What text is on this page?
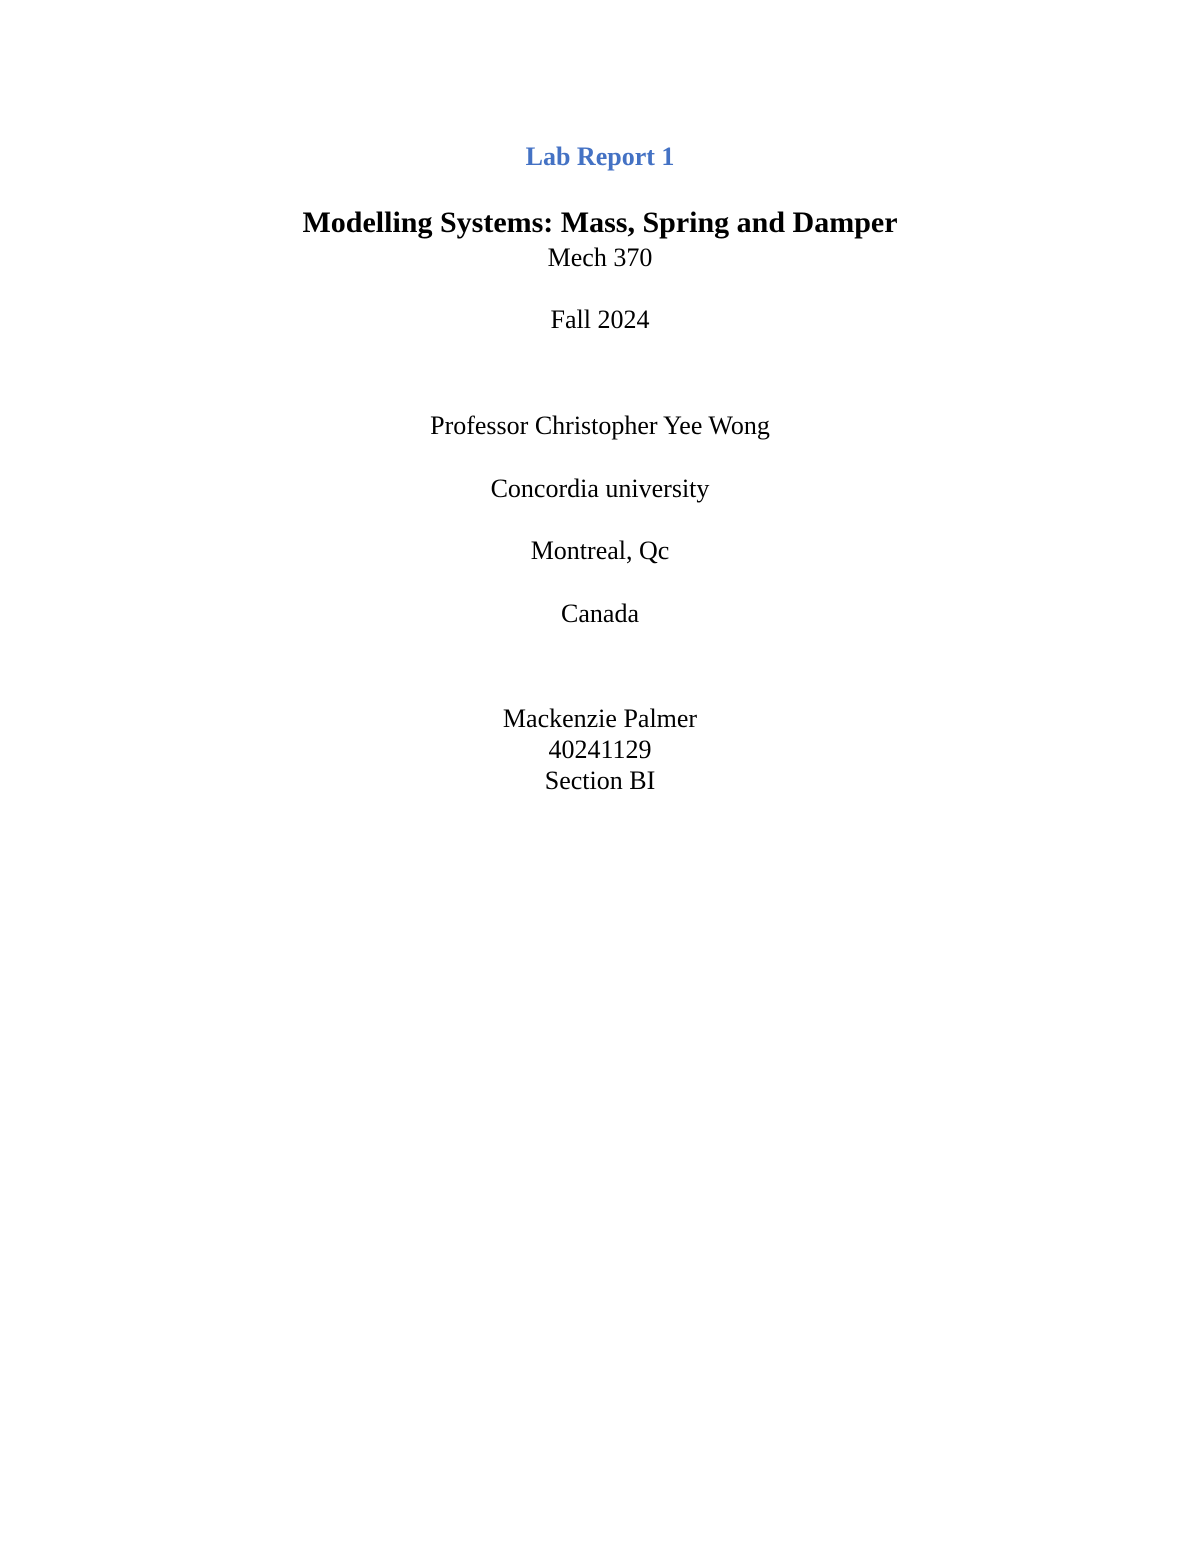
Lab Report 1
Modelling Systems: Mass, Spring and Damper
Mech 370
Fall 2024
Professor Christopher Yee Wong
Concordia university
Montreal, Qc
Canada
Mackenzie Palmer
40241129
Section BI
